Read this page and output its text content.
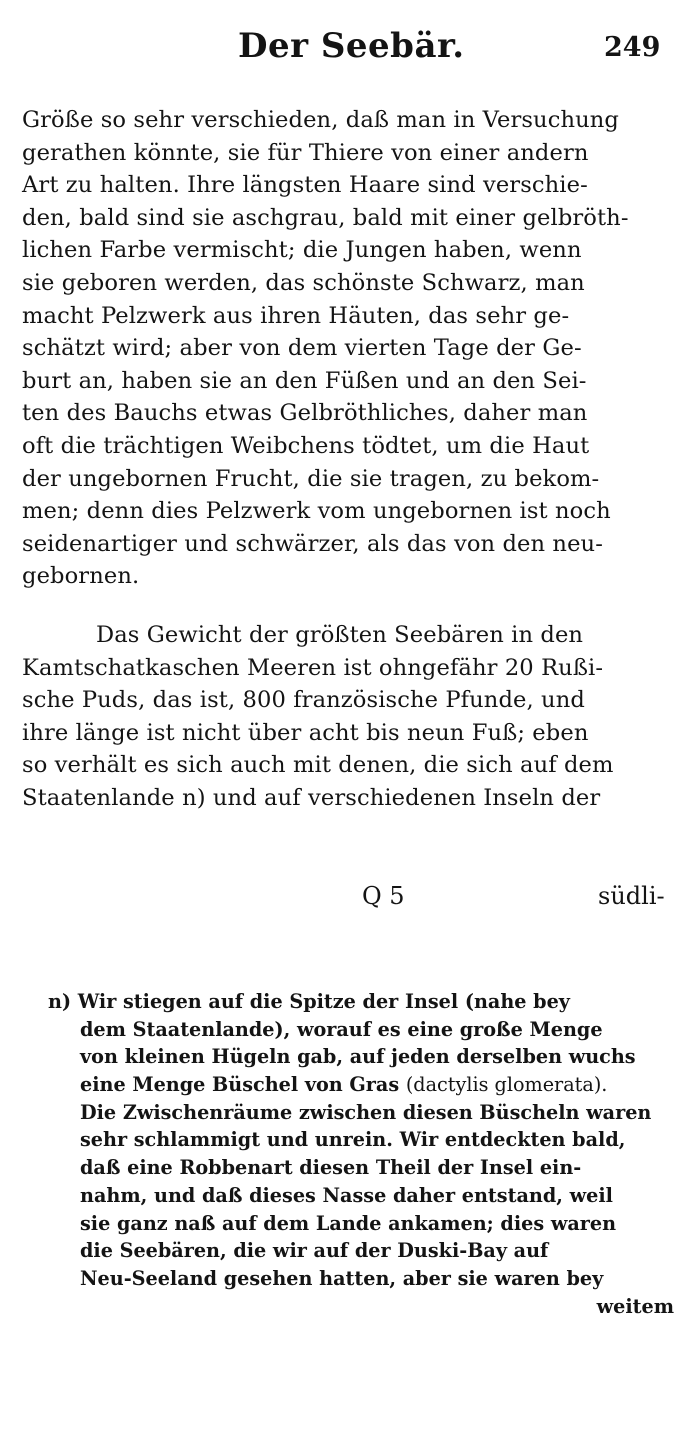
Der Seebär.	249
Größe so sehr verschieden, daß man in Versuchung
gerathen könnte, sie für Thiere von einer andern
Art zu halten. Ihre längsten Haare sind verschie-
den, bald sind sie aschgrau, bald mit einer gelbröth-
lichen Farbe vermischt; die Jungen haben, wenn
sie geboren werden, das schönste Schwarz, man
macht Pelzwerk aus ihren Häuten, das sehr ge-
schätzt wird; aber von dem vierten Tage der Ge-
burt an, haben sie an den Füßen und an den Sei-
ten des Bauchs etwas Gelbröthliches, daher man
oft die trächtigen Weibchens tödtet, um die Haut
der ungebornen Frucht, die sie tragen, zu bekom-
men; denn dies Pelzwerk vom ungebornen ist noch
seidenartiger und schwärzer, als das von den neu-
gebornen.
Das Gewicht der größten Seebären in den
Kamtschatkaschen Meeren ist ohngefähr 20 Rußi-
sche Puds, das ist, 800 französische Pfunde, und
ihre länge ist nicht über acht bis neun Fuß; eben
so verhält es sich auch mit denen, die sich auf dem
Staatenlande n) und auf verschiedenen Inseln der
Q 5	südli-
n) Wir stiegen auf die Spitze der Insel (nahe bey
dem Staatenlande), worauf es eine große Menge
von kleinen Hügeln gab, auf jeden derselben wuchs
eine Menge Büschel von Gras (dactylis glomerata).
Die Zwischenräume zwischen diesen Büscheln waren
sehr schlammigt und unrein. Wir entdeckten bald,
daß eine Robbenart diesen Theil der Insel ein-
nahm, und daß dieses Nasse daher entstand, weil
sie ganz naß auf dem Lande ankamen; dies waren
die Seebären, die wir auf der Duski-Bay auf
Neu-Seeland gesehen hatten, aber sie waren bey
weitem
